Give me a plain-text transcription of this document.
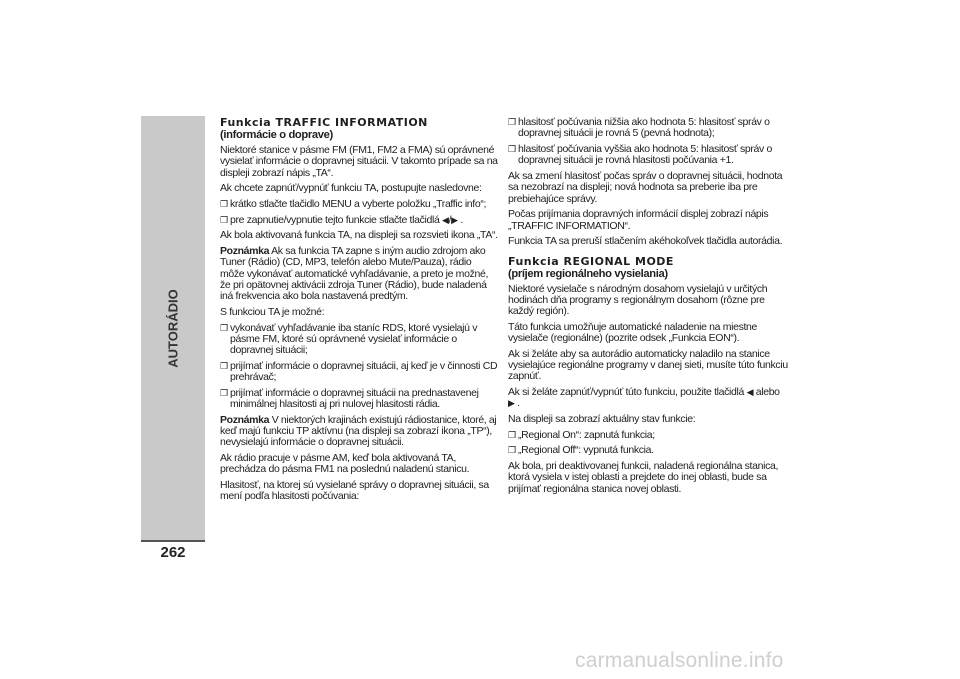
AUTORÁDIO
262
Funkcia TRAFFIC INFORMATION
(informácie o doprave)

Niektoré stanice v pásme FM (FM1, FM2 a FMA) sú oprávnené vysielať informácie o dopravnej situácii. V takomto prípade sa na displeji zobrazí nápis „TA“.

Ak chcete zapnúť/vypnúť funkciu TA, postupujte nasledovne:

❒ krátko stlačte tlačidlo MENU a vyberte položku „Traffic info“;
❒ pre zapnutie/vypnutie tejto funkcie stlačte tlačidlá ◀/▶ .

Ak bola aktivovaná funkcia TA, na displeji sa rozsvieti ikona „TA“.

Poznámka Ak sa funkcia TA zapne s iným audio zdrojom ako Tuner (Rádio) (CD, MP3, telefón alebo Mute/Pauza), rádio môže vykonávať automatické vyhľadávanie, a preto je možné, že pri opätovnej aktivácii zdroja Tuner (Rádio), bude naladená iná frekvencia ako bola nastavená predtým.

S funkciou TA je možné:

❒ vykonávať vyhľadávanie iba staníc RDS, ktoré vysielajú v pásme FM, ktoré sú oprávnené vysielať informácie o dopravnej situácii;
❒ prijímať informácie o dopravnej situácii, aj keď je v činnosti CD prehrávač;
❒ prijímať informácie o dopravnej situácii na prednastavenej minimálnej hlasitosti aj pri nulovej hlasitosti rádia.

Poznámka V niektorých krajinách existujú rádiostanice, ktoré, aj keď majú funkciu TP aktívnu (na displeji sa zobrazí ikona „TP“), nevysielajú informácie o dopravnej situácii.

Ak rádio pracuje v pásme AM, keď bola aktivovaná TA, prechádza do pásma FM1 na poslednú naladenú stanicu.

Hlasitosť, na ktorej sú vysielané správy o dopravnej situácii, sa mení podľa hlasitosti počúvania:

❒ hlasitosť počúvania nižšia ako hodnota 5: hlasitosť správ o dopravnej situácii je rovná 5 (pevná hodnota);
❒ hlasitosť počúvania vyššia ako hodnota 5: hlasitosť správ o dopravnej situácii je rovná hlasitosti počúvania +1.

Ak sa zmení hlasitosť počas správ o dopravnej situácii, hodnota sa nezobrazí na displeji; nová hodnota sa preberie iba pre prebiehajúce správy.

Počas prijímania dopravných informácií displej zobrazí nápis „TRAFFIC INFORMATION“.

Funkcia TA sa preruší stlačením akéhokoľvek tlačidla autorádia.

Funkcia REGIONAL MODE
(príjem regionálneho vysielania)

Niektoré vysielače s národným dosahom vysielajú v určitých hodinách dňa programy s regionálnym dosahom (rôzne pre každý región).

Táto funkcia umožňuje automatické naladenie na miestne vysielače (regionálne) (pozrite odsek „Funkcia EON“).

Ak si želáte aby sa autorádio automaticky naladilo na stanice vysielajúce regionálne programy v danej sieti, musíte túto funkciu zapnúť.

Ak si želáte zapnúť/vypnúť túto funkciu, použite tlačidlá ◀ alebo
▶ .

Na displeji sa zobrazí aktuálny stav funkcie:

❒ „Regional On“: zapnutá funkcia;
❒ „Regional Off“: vypnutá funkcia.

Ak bola, pri deaktivovanej funkcii, naladená regionálna stanica, ktorá vysiela v istej oblasti a prejdete do inej oblasti, bude sa prijímať regionálna stanica novej oblasti.

carmanualsonline.info
